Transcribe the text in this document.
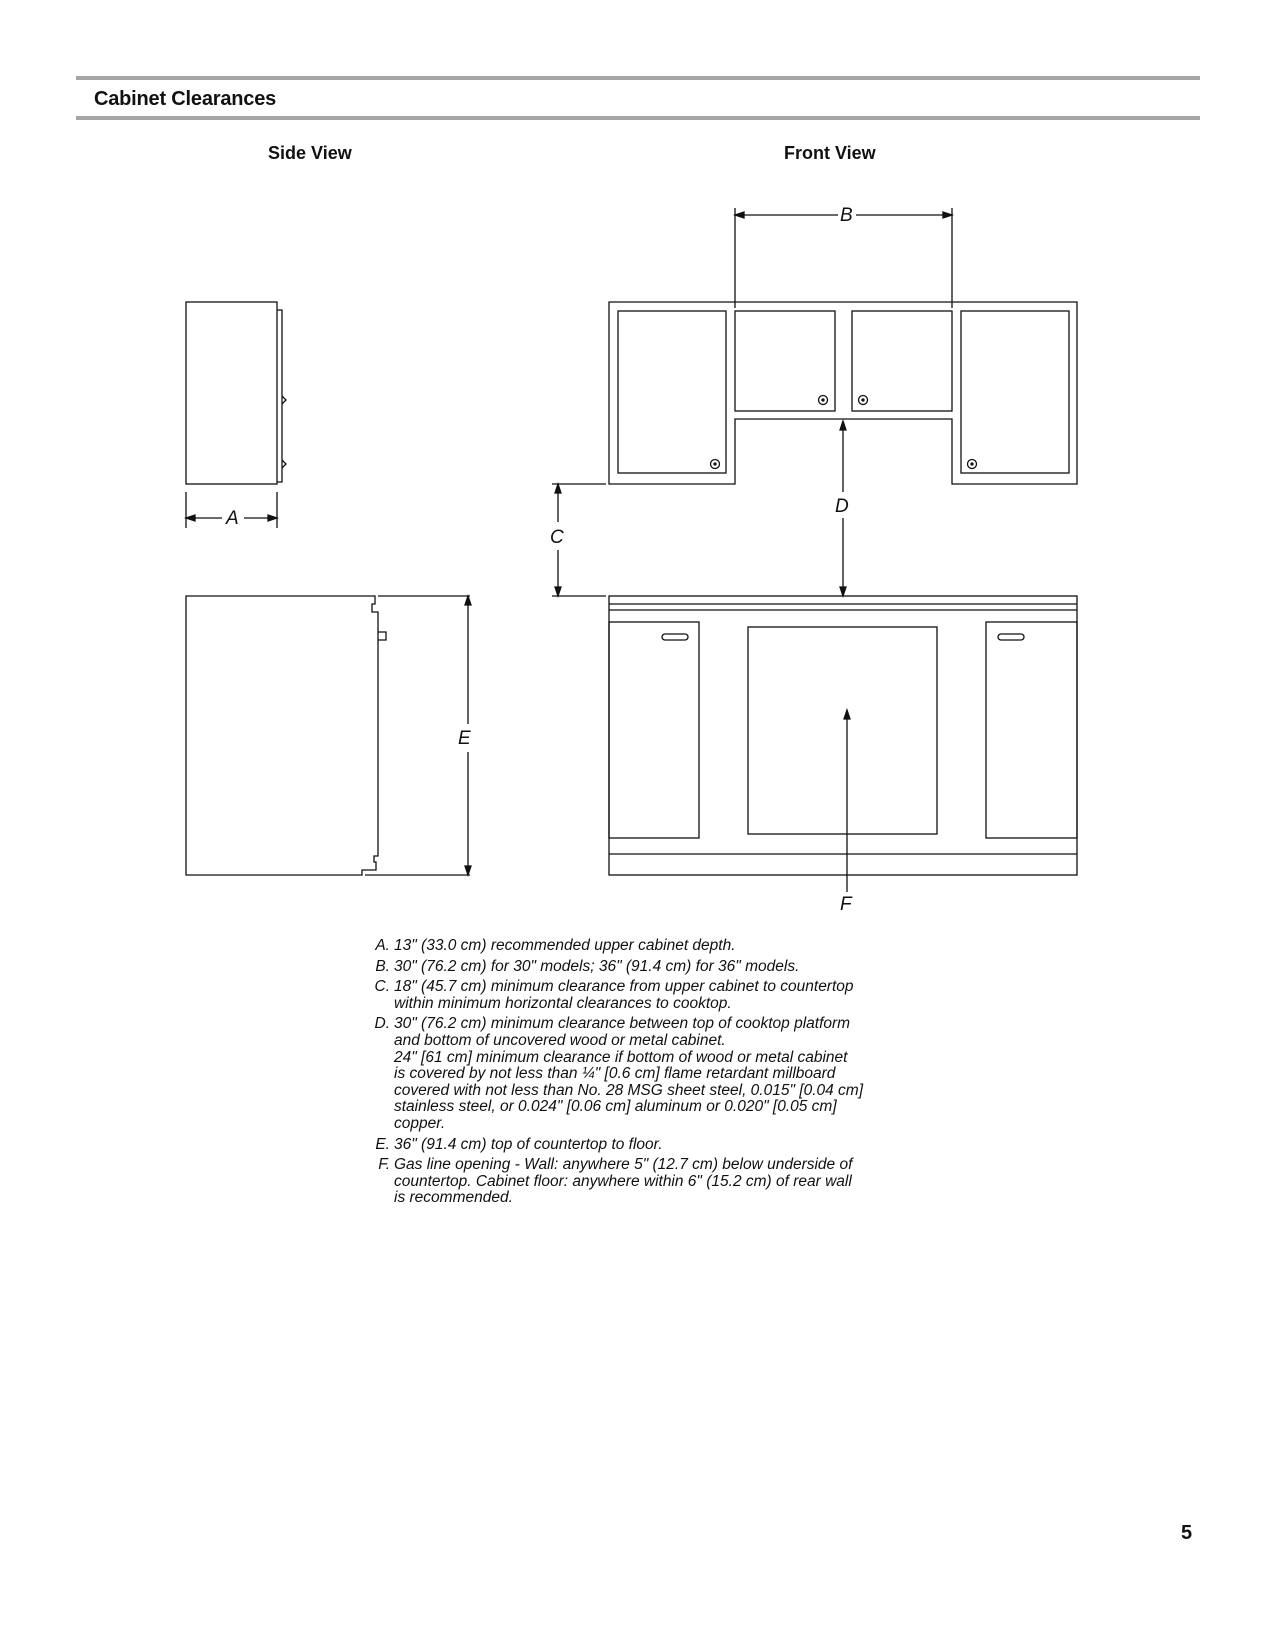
Cabinet Clearances
Side View	Front View
A
B
C
D
E
F
A. 13" (33.0 cm) recommended upper cabinet depth.
B. 30" (76.2 cm) for 30" models; 36" (91.4 cm) for 36" models.
C. 18" (45.7 cm) minimum clearance from upper cabinet to countertop
within minimum horizontal clearances to cooktop.
D. 30" (76.2 cm) minimum clearance between top of cooktop platform
and bottom of uncovered wood or metal cabinet.
24" [61 cm] minimum clearance if bottom of wood or metal cabinet
is covered by not less than ¼" [0.6 cm] flame retardant millboard
covered with not less than No. 28 MSG sheet steel, 0.015" [0.04 cm]
stainless steel, or 0.024" [0.06 cm] aluminum or 0.020" [0.05 cm]
copper.
E. 36" (91.4 cm) top of countertop to floor.
F. Gas line opening - Wall: anywhere 5" (12.7 cm) below underside of
countertop. Cabinet floor: anywhere within 6" (15.2 cm) of rear wall
is recommended.
5
